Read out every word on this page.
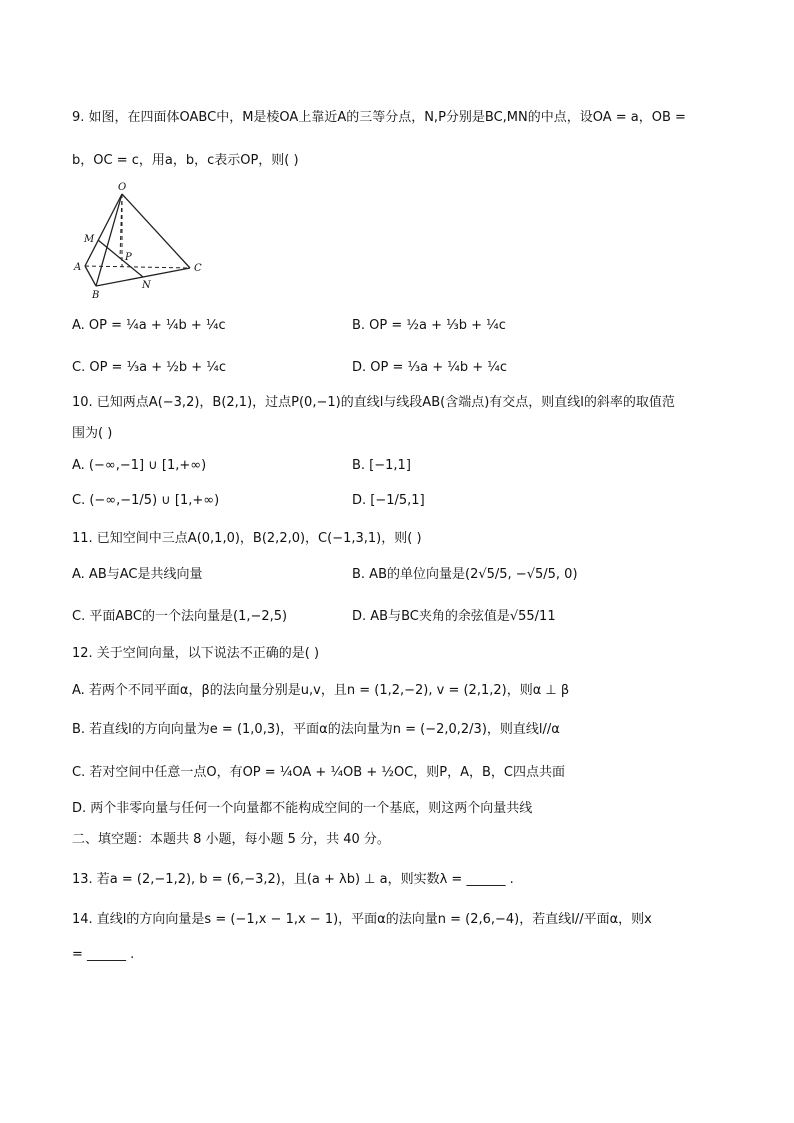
9. 如图，在四面体OABC中，M是棱OA上靠近A的三等分点，N,P分别是BC,MN的中点，设OA = a，OB =
b，OC = c，用a，b，c表示OP，则( )
O
M
P
A	C
N
B
A. OP = ¼a + ¼b + ¼c	B. OP = ½a + ⅓b + ¼c
C. OP = ⅓a + ½b + ¼c	D. OP = ⅓a + ¼b + ¼c
10. 已知两点A(−3,2)，B(2,1)，过点P(0,−1)的直线l与线段AB(含端点)有交点，则直线l的斜率的取值范
围为( )
A. (−∞,−1] ∪ [1,+∞)	B. [−1,1]
C. (−∞,−1/5) ∪ [1,+∞)	D. [−1/5,1]
11. 已知空间中三点A(0,1,0)，B(2,2,0)，C(−1,3,1)，则( )
A. AB与AC是共线向量	B. AB的单位向量是(2√5/5, −√5/5, 0)
C. 平面ABC的一个法向量是(1,−2,5)	D. AB与BC夹角的余弦值是√55/11
12. 关于空间向量，以下说法不正确的是( )
A. 若两个不同平面α，β的法向量分别是u,v，且n = (1,2,−2), v = (2,1,2)，则α ⊥ β
B. 若直线l的方向向量为e = (1,0,3)，平面α的法向量为n = (−2,0,2/3)，则直线l//α
C. 若对空间中任意一点O，有OP = ¼OA + ¼OB + ½OC，则P，A，B，C四点共面
D. 两个非零向量与任何一个向量都不能构成空间的一个基底，则这两个向量共线
二、填空题：本题共 8 小题，每小题 5 分，共 40 分。
13. 若a = (2,−1,2), b = (6,−3,2)，且(a + λb) ⊥ a，则实数λ = ______ .
14. 直线l的方向向量是s = (−1,x − 1,x − 1)，平面α的法向量n = (2,6,−4)，若直线l//平面α，则x
= ______ .
